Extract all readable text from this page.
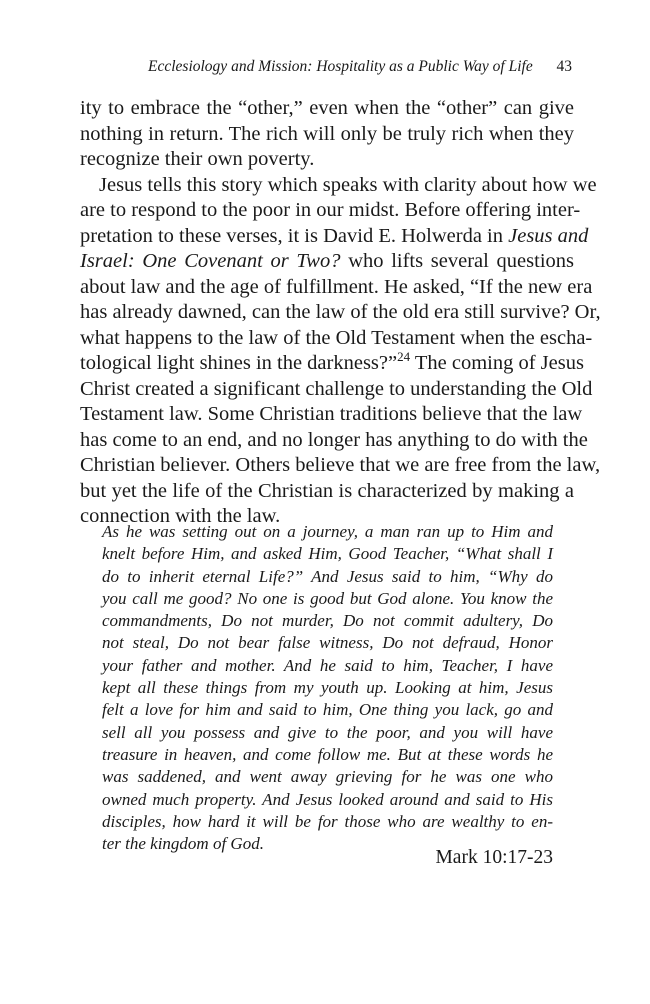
Ecclesiology and Mission: Hospitality as a Public Way of Life 43
ity to embrace the “other,” even when the “other” can give
nothing in return. The rich will only be truly rich when they
recognize their own poverty.
Jesus tells this story which speaks with clarity about how we
are to respond to the poor in our midst. Before offering inter-
pretation to these verses, it is David E. Holwerda in Jesus and
Israel: One Covenant or Two? who lifts several questions
about law and the age of fulfillment. He asked, “If the new era
has already dawned, can the law of the old era still survive? Or,
what happens to the law of the Old Testament when the escha-
tological light shines in the darkness?”$^{24}$ The coming of Jesus
Christ created a significant challenge to understanding the Old
Testament law. Some Christian traditions believe that the law
has come to an end, and no longer has anything to do with the
Christian believer. Others believe that we are free from the law,
but yet the life of the Christian is characterized by making a
connection with the law.
As he was setting out on a journey, a man ran up to Him and
knelt before Him, and asked Him, Good Teacher, “What shall I
do to inherit eternal Life?” And Jesus said to him, “Why do
you call me good? No one is good but God alone. You know the
commandments, Do not murder, Do not commit adultery, Do
not steal, Do not bear false witness, Do not defraud, Honor
your father and mother. And he said to him, Teacher, I have
kept all these things from my youth up. Looking at him, Jesus
felt a love for him and said to him, One thing you lack, go and
sell all you possess and give to the poor, and you will have
treasure in heaven, and come follow me. But at these words he
was saddened, and went away grieving for he was one who
owned much property. And Jesus looked around and said to His
disciples, how hard it will be for those who are wealthy to en-
ter the kingdom of God.
Mark 10:17-23
